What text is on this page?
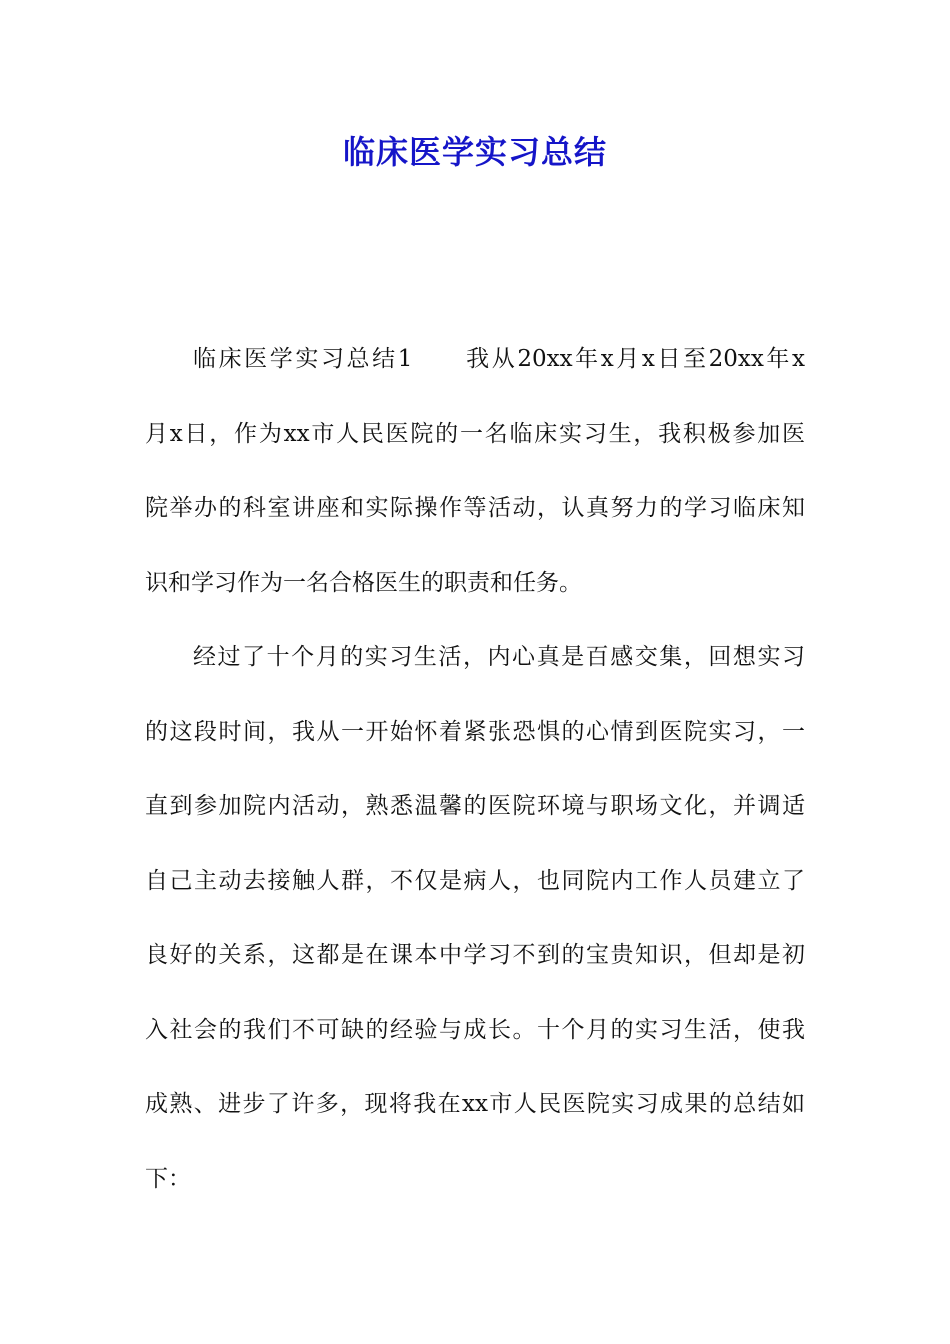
临床医学实习总结
临床医学实习总结1　　我从20xx年x月x日至20xx年x
月x日，作为xx市人民医院的一名临床实习生，我积极参加医
院举办的科室讲座和实际操作等活动，认真努力的学习临床知
识和学习作为一名合格医生的职责和任务。
经过了十个月的实习生活，内心真是百感交集，回想实习
的这段时间，我从一开始怀着紧张恐惧的心情到医院实习，一
直到参加院内活动，熟悉温馨的医院环境与职场文化，并调适
自己主动去接触人群，不仅是病人，也同院内工作人员建立了
良好的关系，这都是在课本中学习不到的宝贵知识，但却是初
入社会的我们不可缺的经验与成长。十个月的实习生活，使我
成熟、进步了许多，现将我在xx市人民医院实习成果的总结如
下：
